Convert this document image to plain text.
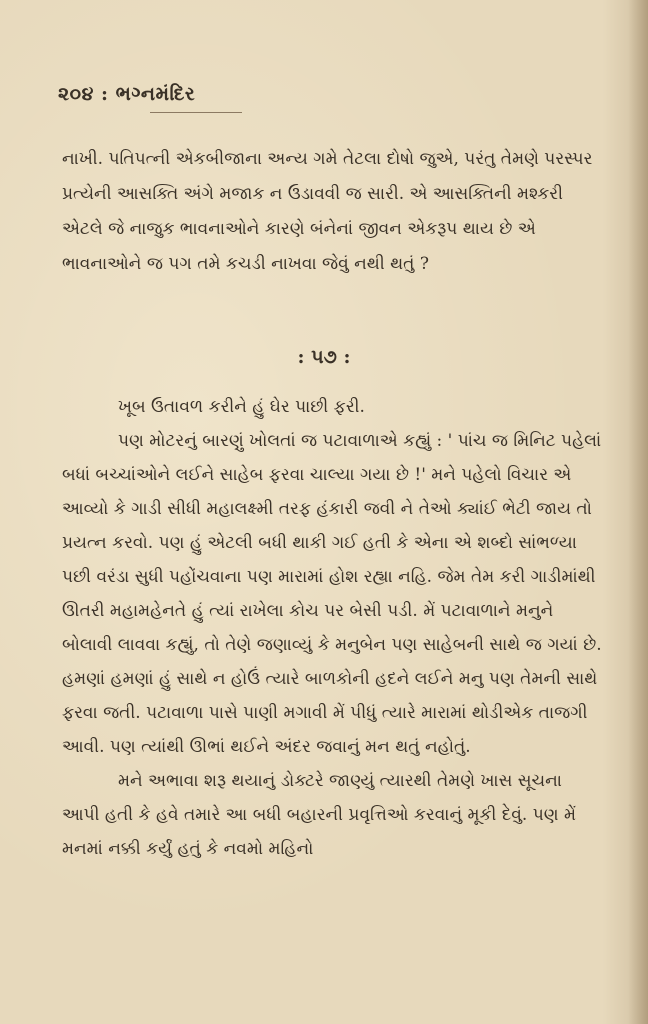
૨૦૪ : ભગ્નમંદિર
નાખી. પતિપત્ની એકબીજાના અન્ય ગમે તેટલા દોષો જુએ, પરંતુ તેમણે પરસ્પર પ્રત્યેની આસક્તિ અંગે મજાક ન ઉડાવવી જ સારી. એ આસક્તિની મશ્કરી એટલે જે નાજુક ભાવનાઓને કારણે બંનેનાં જીવન એકરૂપ થાય છે એ ભાવનાઓને જ પગ તમે કચડી નાખવા જેવું નથી થતું ?
: ૫૭ :

ખૂબ ઉતાવળ કરીને હું ઘેર પાછી ફરી.

પણ મોટરનું બારણું ખોલતાં જ પટાવાળાએ કહ્યું : ' પાંચ જ મિનિટ પહેલાં બધાં બચ્ચાંઓને લઈને સાહેબ ફરવા ચાલ્યા ગયા છે !' મને પહેલો વિચાર એ આવ્યો કે ગાડી સીધી મહાલક્ષ્મી તરફ હંકારી જવી ને તેઓ ક્યાંઈ ભેટી જાય તો પ્રયત્ન કરવો. પણ હું એટલી બધી થાકી ગઈ હતી કે એના એ શબ્દો સાંભળ્યા પછી વરંડા સુધી પહોંચવાના પણ મારામાં હોશ રહ્યા નહિ. જેમ તેમ કરી ગાડીમાંથી ઊતરી મહામહેનતે હું ત્યાં રાખેલા કોચ પર બેસી પડી. મેં પટાવાળાને મનુને બોલાવી લાવવા કહ્યું, તો તેણે જણાવ્યું કે મનુબેન પણ સાહેબની સાથે જ ગયાં છે. હમણાં હમણાં હું સાથે ન હોઉં ત્યારે બાળકોની હદને લઈને મનુ પણ તેમની સાથે ફરવા જતી. પટાવાળા પાસે પાણી મગાવી મેં પીધું ત્યારે મારામાં થોડીએક તાજગી આવી. પણ ત્યાંથી ઊભાં થઈને અંદર જવાનું મન થતું નહોતું.

મને અભાવા શરૂ થયાનું ડોક્ટરે જાણ્યું ત્યારથી તેમણે ખાસ સૂચના આપી હતી કે હવે તમારે આ બધી બહારની પ્રવૃત્તિઓ કરવાનું મૂકી દેવું. પણ મેં મનમાં નક્કી કર્યું હતું કે નવમો મહિનો
